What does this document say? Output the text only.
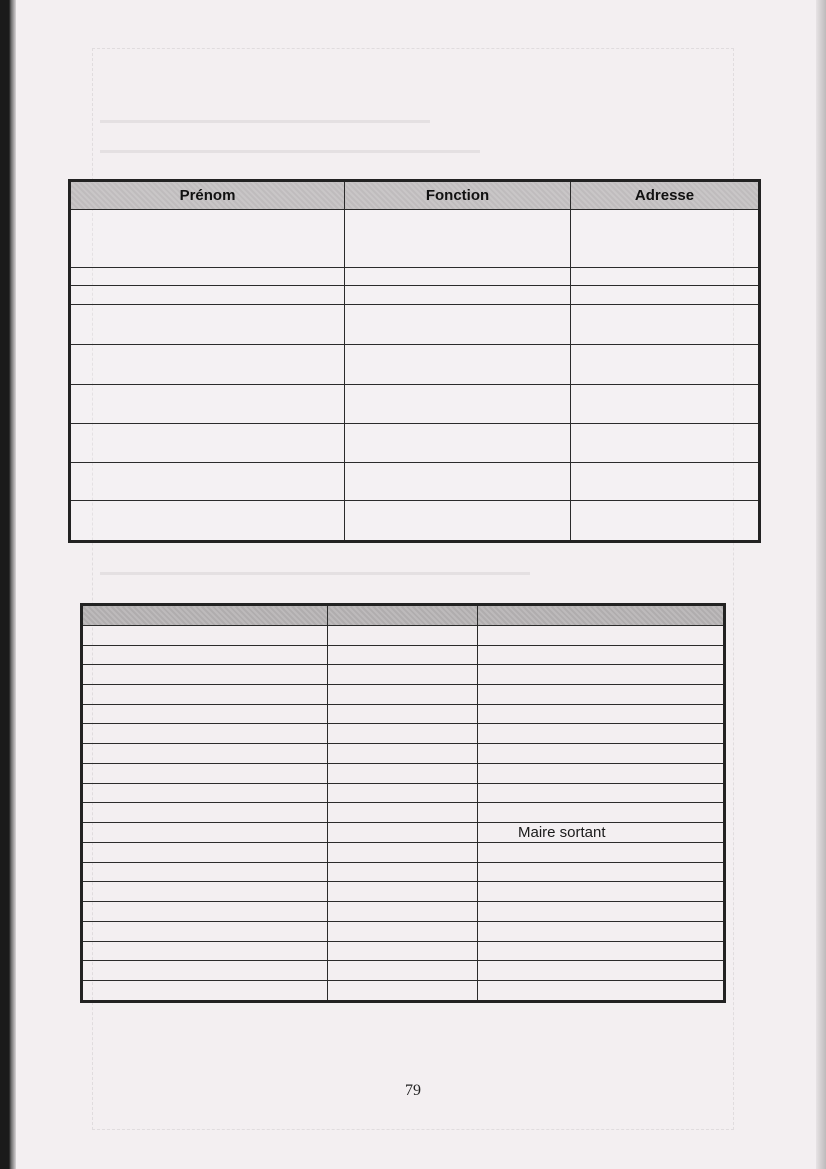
Prénom	Fonction	Adresse

		Maire sortant

79
